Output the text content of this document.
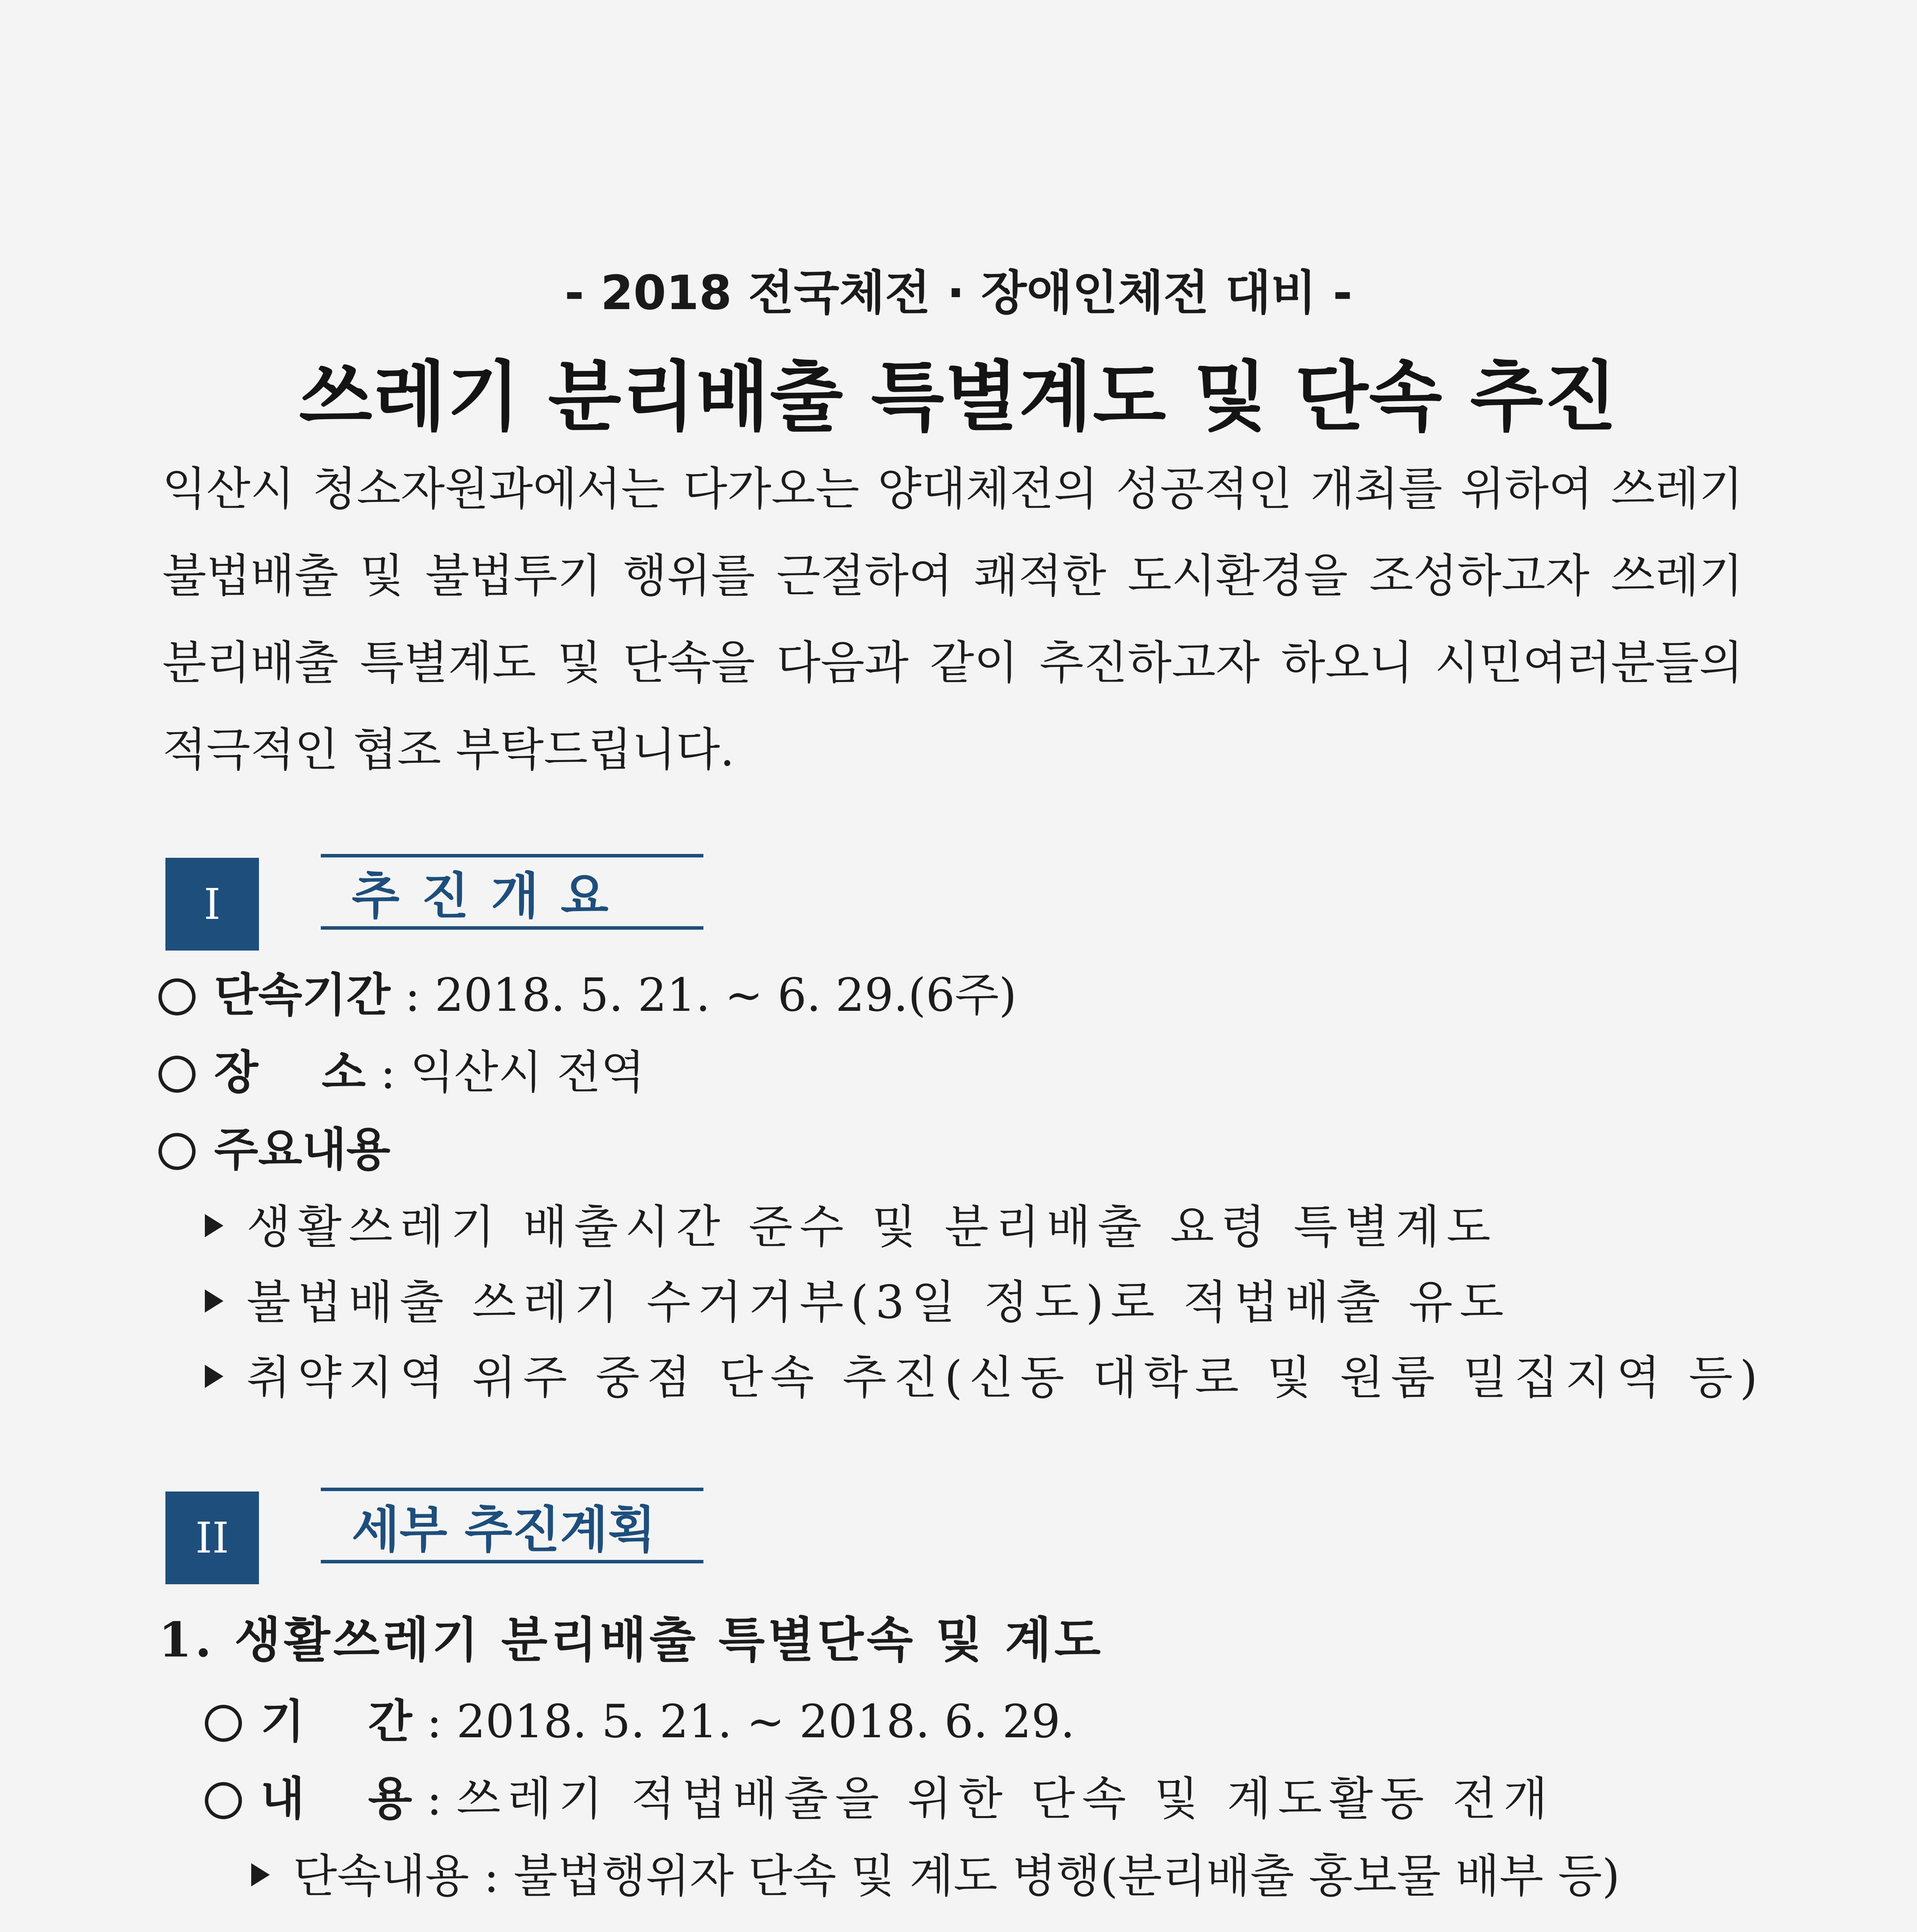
- 2018 전국체전 · 장애인체전 대비 -
쓰레기 분리배출 특별계도 및 단속 추진
익산시 청소자원과에서는 다가오는 양대체전의 성공적인 개최를 위하여 쓰레기
불법배출 및 불법투기 행위를 근절하여 쾌적한 도시환경을 조성하고자 쓰레기
분리배출 특별계도 및 단속을 다음과 같이 추진하고자 하오니 시민여러분들의
적극적인 협조 부탁드립니다.
I	추 진 개 요
단속기간 : 2018. 5. 21. ~ 6. 29.(6주)
장    소 : 익산시 전역
주요내용
생활쓰레기 배출시간 준수 및 분리배출 요령 특별계도
불법배출 쓰레기 수거거부(3일 정도)로 적법배출 유도
취약지역 위주 중점 단속 추진(신동 대학로 및 원룸 밀집지역 등)
II	세부 추진계획
1. 생활쓰레기 분리배출 특별단속 및 계도
기    간 : 2018. 5. 21. ~ 2018. 6. 29.
내    용 : 쓰레기 적법배출을 위한 단속 및 계도활동 전개
단속내용 : 불법행위자 단속 및 계도 병행(분리배출 홍보물 배부 등)
